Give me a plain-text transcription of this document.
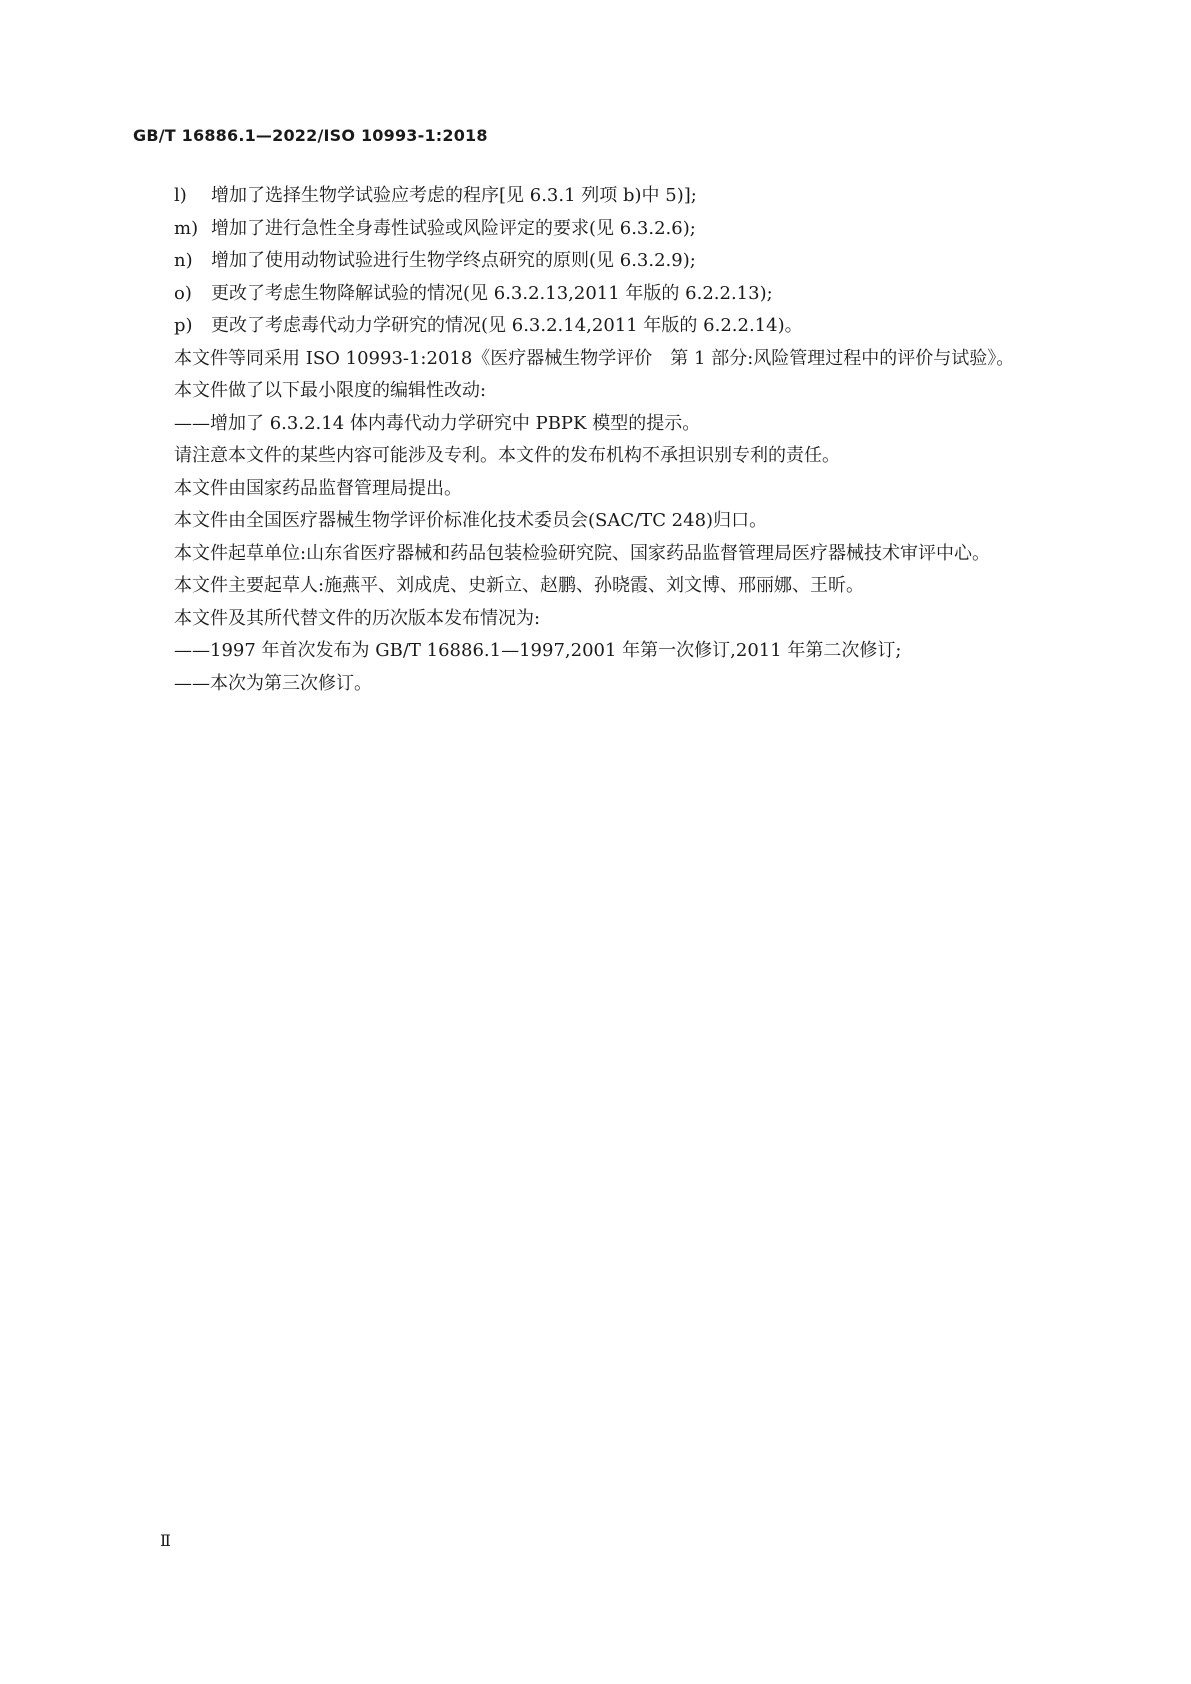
GB/T 16886.1—2022/ISO 10993-1:2018

l) 增加了选择生物学试验应考虑的程序[见 6.3.1 列项 b)中 5)];

m) 增加了进行急性全身毒性试验或风险评定的要求(见 6.3.2.6);

n) 增加了使用动物试验进行生物学终点研究的原则(见 6.3.2.9);

o) 更改了考虑生物降解试验的情况(见 6.3.2.13,2011 年版的 6.2.2.13);

p) 更改了考虑毒代动力学研究的情况(见 6.3.2.14,2011 年版的 6.2.2.14)。

本文件等同采用 ISO 10993-1:2018《医疗器械生物学评价　第 1 部分:风险管理过程中的评价与试验》。

本文件做了以下最小限度的编辑性改动:

——增加了 6.3.2.14 体内毒代动力学研究中 PBPK 模型的提示。

请注意本文件的某些内容可能涉及专利。本文件的发布机构不承担识别专利的责任。

本文件由国家药品监督管理局提出。

本文件由全国医疗器械生物学评价标准化技术委员会(SAC/TC 248)归口。

本文件起草单位:山东省医疗器械和药品包装检验研究院、国家药品监督管理局医疗器械技术审评中心。

本文件主要起草人:施燕平、刘成虎、史新立、赵鹏、孙晓霞、刘文博、邢丽娜、王昕。

本文件及其所代替文件的历次版本发布情况为:

——1997 年首次发布为 GB/T 16886.1—1997,2001 年第一次修订,2011 年第二次修订;

——本次为第三次修订。

Ⅱ
